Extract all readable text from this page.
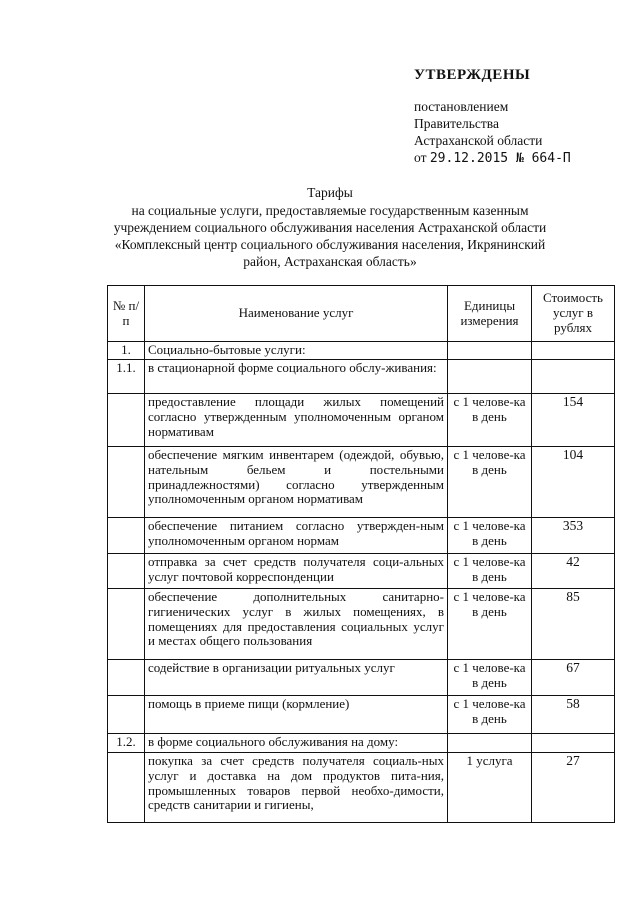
УТВЕРЖДЕНЫ
постановлением
Правительства
Астраханской области
от 29.12.2015 № 664-П
Тарифы
на социальные услуги, предоставляемые государственным казенным
учреждением социального обслуживания населения Астраханской области
«Комплексный центр социального обслуживания населения, Икрянинский
район, Астраханская область»
№ п/п	Наименование услуг	Единицы измерения	Стоимость услуг в рублях
1.	Социально-бытовые услуги:		
1.1.	в стационарной форме социального обслу-живания:		
	предоставление площади жилых помещений согласно утвержденным уполномоченным органом нормативам	с 1 челове-ка в день	154
	обеспечение мягким инвентарем (одеждой, обувью, нательным бельем и постельными принадлежностями) согласно утвержденным уполномоченным органом нормативам	с 1 челове-ка в день	104
	обеспечение питанием согласно утвержден-ным уполномоченным органом нормам	с 1 челове-ка в день	353
	отправка за счет средств получателя соци-альных услуг почтовой корреспонденции	с 1 челове-ка в день	42
	обеспечение дополнительных санитарно-гигиенических услуг в жилых помещениях, в помещениях для предоставления социальных услуг и местах общего пользования	с 1 челове-ка в день	85
	содействие в организации ритуальных услуг	с 1 челове-ка в день	67
	помощь в приеме пищи (кормление)	с 1 челове-ка в день	58
1.2.	в форме социального обслуживания на дому:		
	покупка за счет средств получателя социаль-ных услуг и доставка на дом продуктов пита-ния, промышленных товаров первой необхо-димости, средств санитарии и гигиены,	1 услуга	27
